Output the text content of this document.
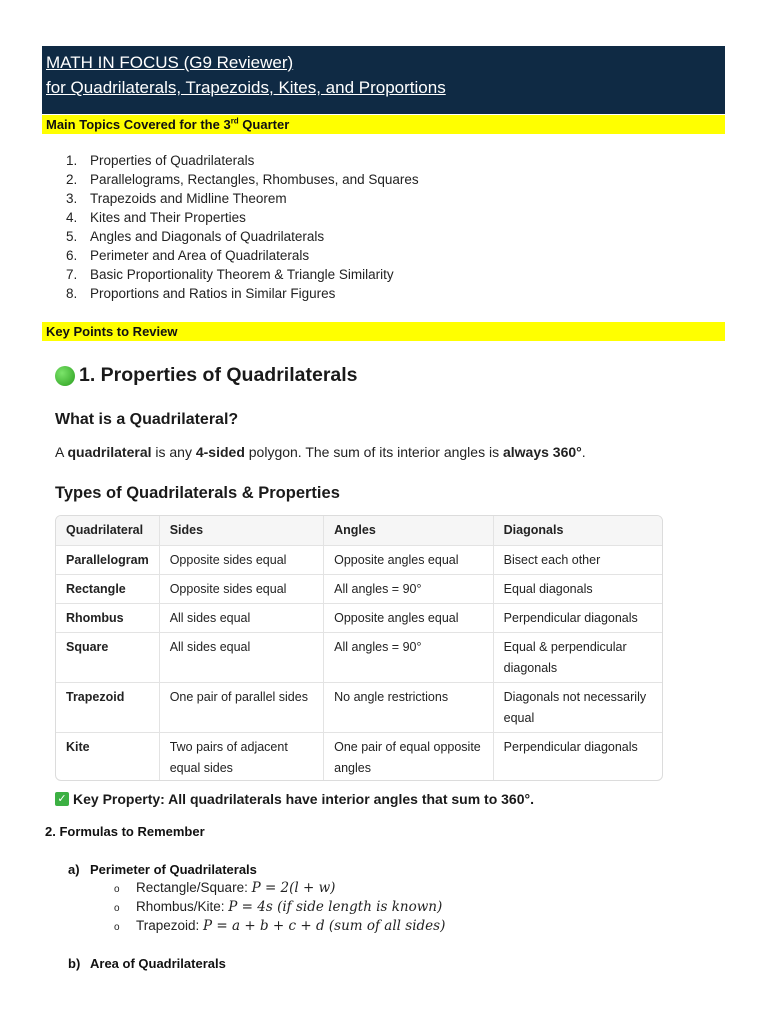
MATH IN FOCUS (G9 Reviewer)
for Quadrilaterals, Trapezoids, Kites, and Proportions
Main Topics Covered for the 3rd Quarter
1. Properties of Quadrilaterals
2. Parallelograms, Rectangles, Rhombuses, and Squares
3. Trapezoids and Midline Theorem
4. Kites and Their Properties
5. Angles and Diagonals of Quadrilaterals
6. Perimeter and Area of Quadrilaterals
7. Basic Proportionality Theorem & Triangle Similarity
8. Proportions and Ratios in Similar Figures
Key Points to Review
1. Properties of Quadrilaterals
What is a Quadrilateral?
A quadrilateral is any 4-sided polygon. The sum of its interior angles is always 360°.
Types of Quadrilaterals & Properties
Quadrilateral	Sides	Angles	Diagonals
Parallelogram	Opposite sides equal	Opposite angles equal	Bisect each other
Rectangle	Opposite sides equal	All angles = 90°	Equal diagonals
Rhombus	All sides equal	Opposite angles equal	Perpendicular diagonals
Square	All sides equal	All angles = 90°	Equal & perpendicular diagonals
Trapezoid	One pair of parallel sides	No angle restrictions	Diagonals not necessarily equal
Kite	Two pairs of adjacent equal sides	One pair of equal opposite angles	Perpendicular diagonals
✓ Key Property: All quadrilaterals have interior angles that sum to 360°.
2. Formulas to Remember
a) Perimeter of Quadrilaterals
o Rectangle/Square: P = 2(l + w)
o Rhombus/Kite: P = 4s (if side length is known)
o Trapezoid: P = a + b + c + d (sum of all sides)
b) Area of Quadrilaterals
